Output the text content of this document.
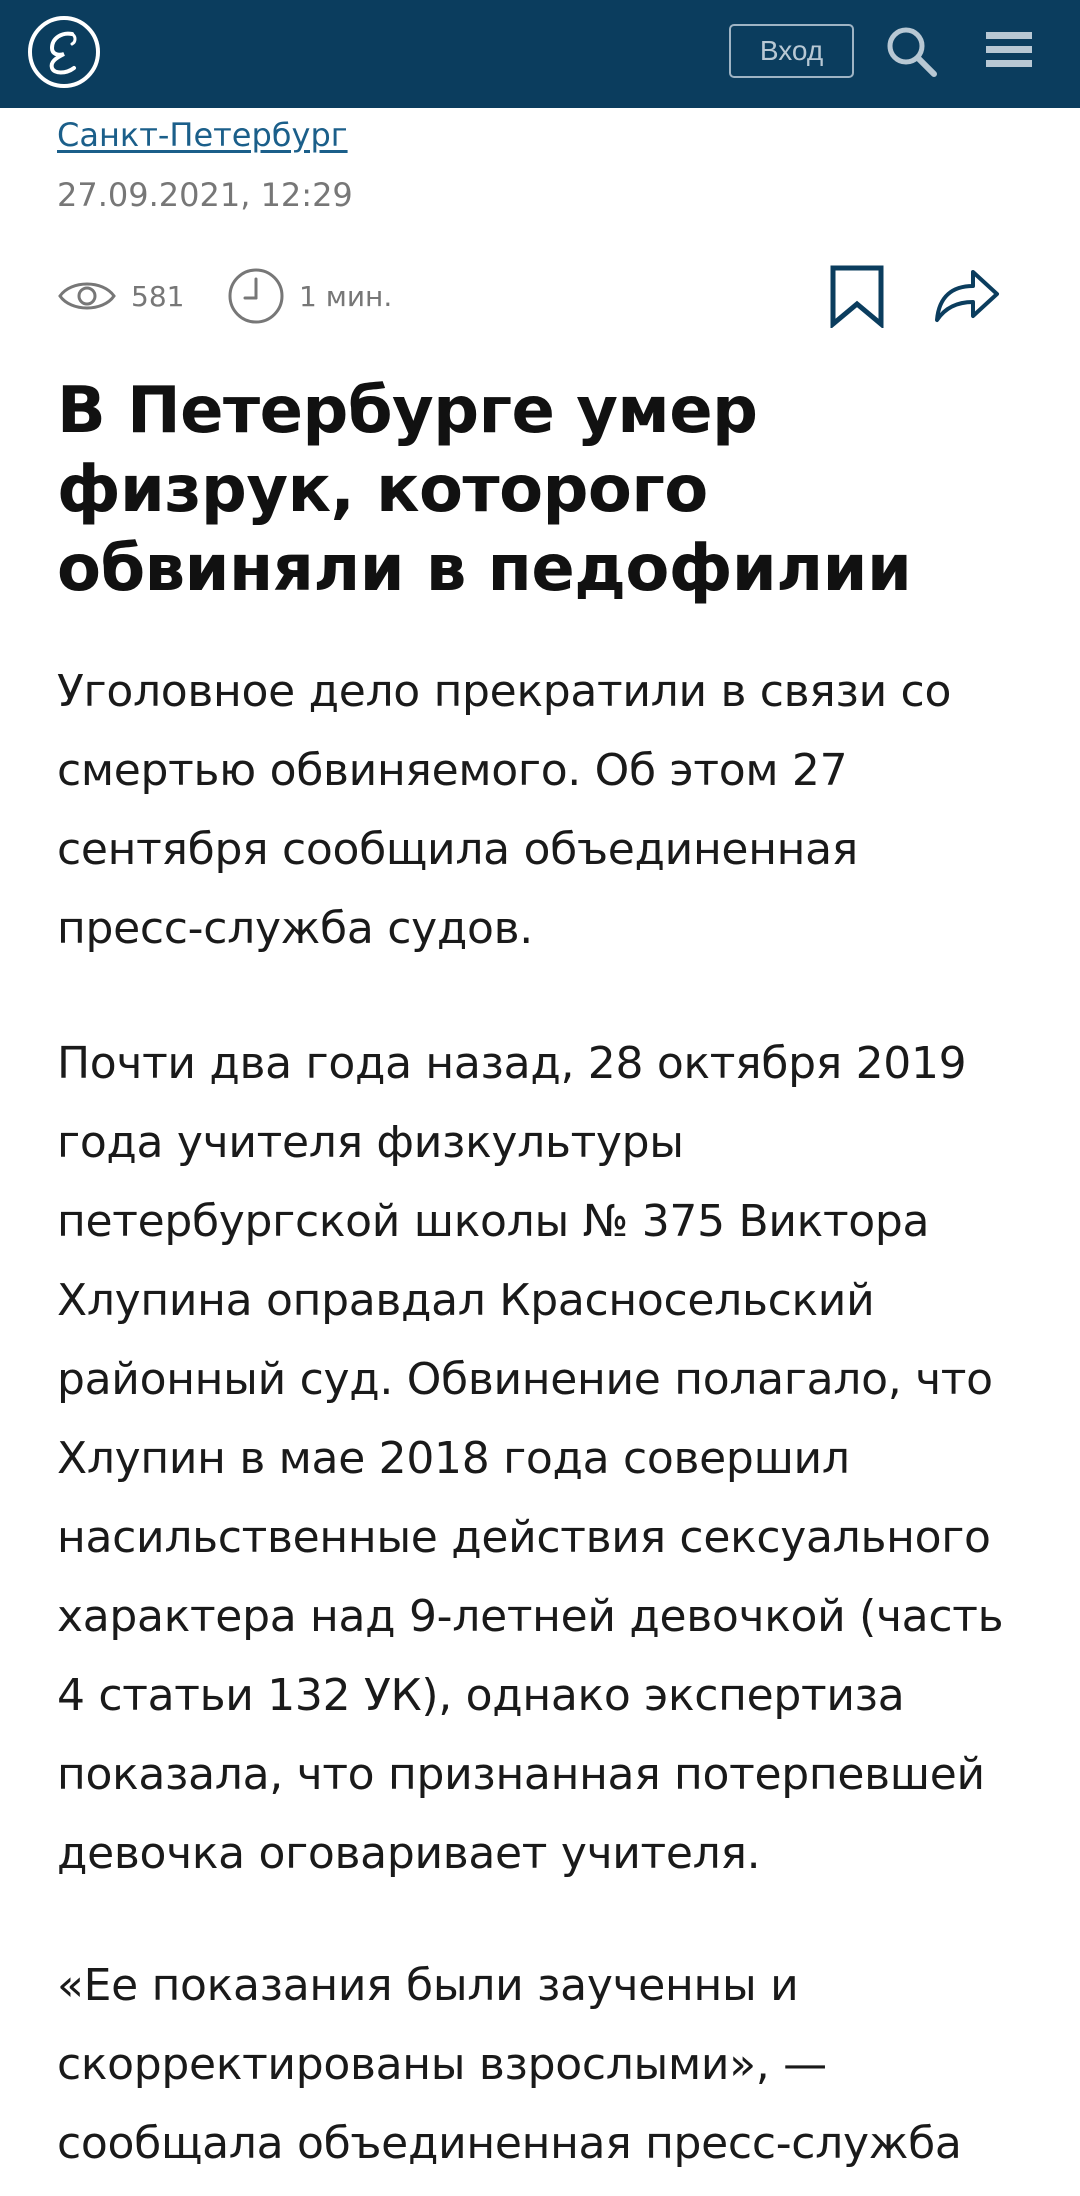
Вход
Санкт-Петербург
27.09.2021, 12:29
581	1 мин.
В Петербурге умер физрук, которого обвиняли в педофилии

Уголовное дело прекратили в связи со смертью обвиняемого. Об этом 27 сентября сообщила объединенная пресс-служба судов.

Почти два года назад, 28 октября 2019 года учителя физкультуры петербургской школы № 375 Виктора Хлупина оправдал Красносельский районный суд. Обвинение полагало, что Хлупин в мае 2018 года совершил насильственные действия сексуального характера над 9-летней девочкой (часть 4 статьи 132 УК), однако экспертиза показала, что признанная потерпевшей девочка оговаривает учителя.

«Ее показания были заученны и скорректированы взрослыми», — сообщала объединенная пресс-служба
